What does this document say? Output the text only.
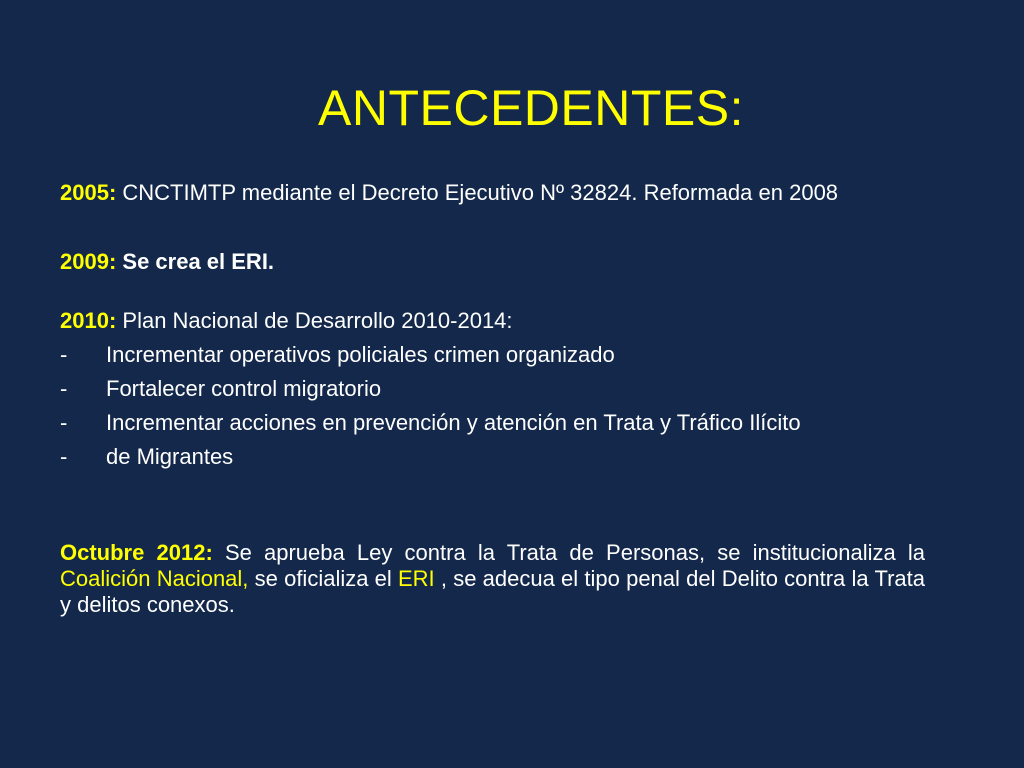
ANTECEDENTES:

2005: CNCTIMTP mediante el Decreto Ejecutivo Nº 32824. Reformada en 2008

2009: Se crea el ERI.

2010: Plan Nacional de Desarrollo 2010-2014:

-	Incrementar operativos policiales crimen organizado
-	Fortalecer control migratorio
-	Incrementar acciones en prevención y atención en Trata y Tráfico Ilícito
-	de Migrantes

Octubre 2012: Se aprueba Ley contra la Trata de Personas, se institucionaliza la Coalición Nacional, se oficializa el ERI , se adecua el tipo penal del Delito contra la Trata y delitos conexos.
